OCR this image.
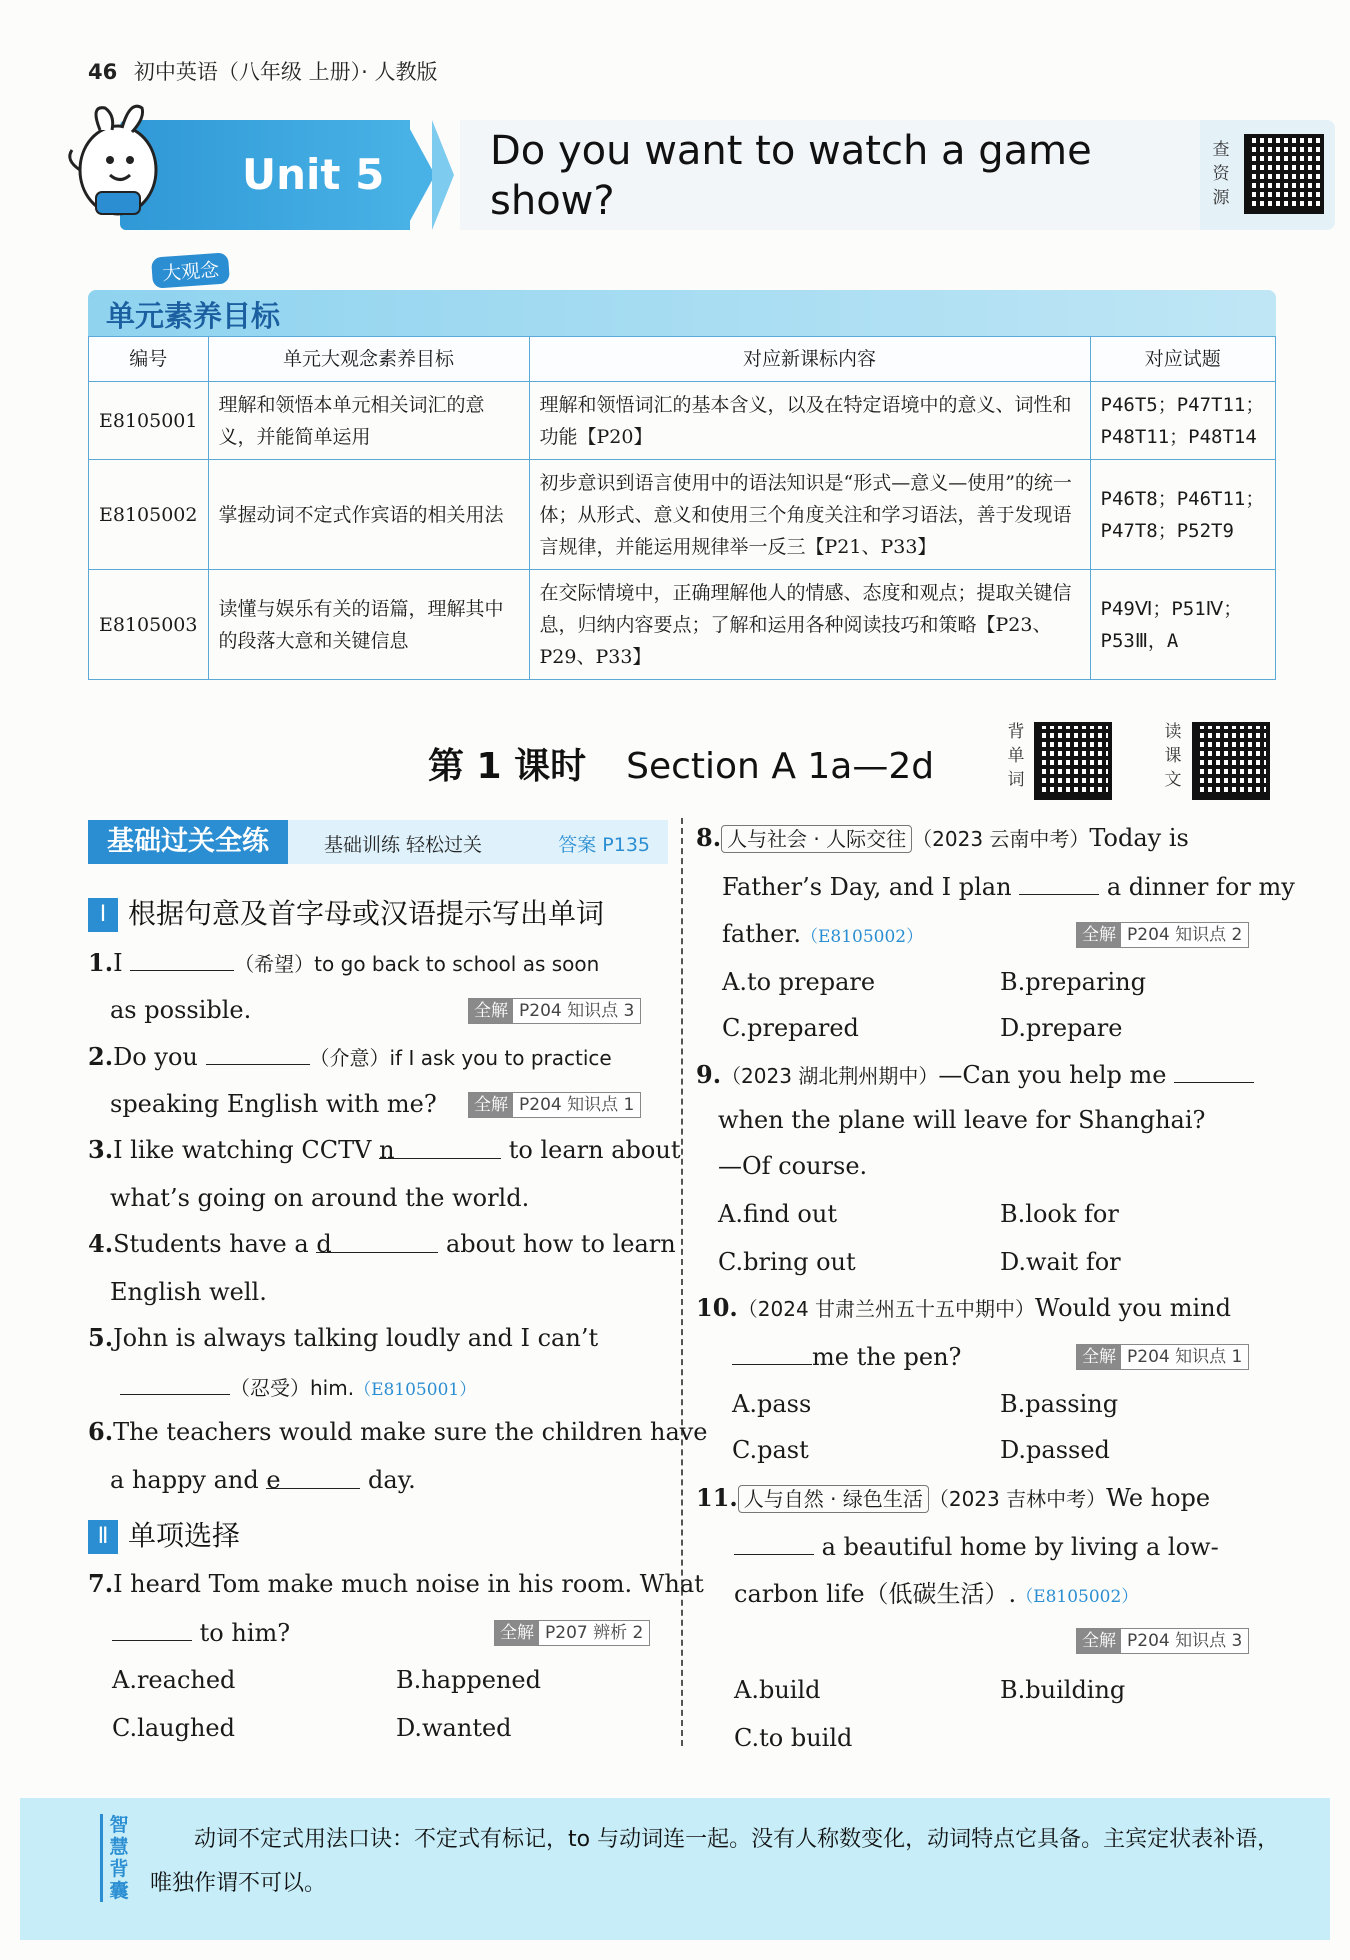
46 初中英语（八年级 上册）· 人教版
Unit 5	Do you want to watch a game show?
查资源
单元素养目标
大观念
编号	单元大观念素养目标	对应新课标内容	对应试题
E8105001	理解和领悟本单元相关词汇的意义，并能简单运用	理解和领悟词汇的基本含义，以及在特定语境中的意义、词性和功能【P20】	P46T5；P47T11；P48T11；P48T14
E8105002	掌握动词不定式作宾语的相关用法	初步意识到语言使用中的语法知识是“形式—意义—使用”的统一体；从形式、意义和使用三个角度关注和学习语法，善于发现语言规律，并能运用规律举一反三【P21、P33】	P46T8；P46T11；P47T8；P52T9
E8105003	读懂与娱乐有关的语篇，理解其中的段落大意和关键信息	在交际情境中，正确理解他人的情感、态度和观点；提取关键信息，归纳内容要点；了解和运用各种阅读技巧和策略【P23、P29、P33】	P49Ⅵ；P51Ⅳ；P53Ⅲ，A
第 1 课时 Section A 1a—2d
背单词
读课文
基础过关全练	基础训练 轻松过关	答案 P135
Ⅰ 根据句意及首字母或汉语提示写出单词
1.I	（希望）to go back to school as soon
as possible.	全解 P204 知识点 3
2.Do you	（介意）if I ask you to practice
speaking English with me?	全解 P204 知识点 1
3.I like watching CCTV n	to learn about
what’s going on around the world.
4.Students have a d	about how to learn
English well.
5.John is always talking loudly and I can’t
（忍受）him.（E8105001）
6.The teachers would make sure the children have
a happy and e	day.
Ⅱ 单项选择
7.I heard Tom make much noise in his room. What
to him?	全解 P207 辨析 2
A.reached	B.happened
C.laughed	D.wanted
8. 人与社会 · 人际交往 （2023 云南中考）Today is
Father’s Day, and I plan	a dinner for my
father.（E8105002）	全解 P204 知识点 2
A.to prepare	B.preparing
C.prepared	D.prepare
9.（2023 湖北荆州期中）—Can you help me
when the plane will leave for Shanghai?
—Of course.
A.find out	B.look for
C.bring out	D.wait for
10.（2024 甘肃兰州五十五中期中）Would you mind
me the pen?	全解 P204 知识点 1
A.pass	B.passing
C.past	D.passed
11. 人与自然 · 绿色生活 （2023 吉林中考）We hope
a beautiful home by living a low-
carbon life（低碳生活）.（E8105002）
全解 P204 知识点 3
A.build	B.building
C.to build
智慧背囊
动词不定式用法口诀：不定式有标记，to 与动词连一起。没有人称数变化，动词特点它具备。主宾定状表补语，唯独作谓不可以。
